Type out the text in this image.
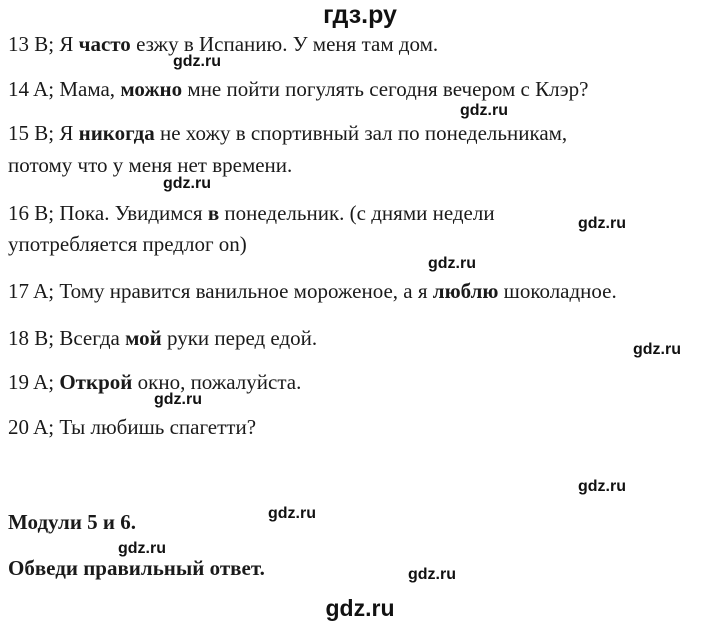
гдз.ру
13 B; Я часто езжу в Испанию. У меня там дом.
14 A; Мама, можно мне пойти погулять сегодня вечером с Клэр?
15 B; Я никогда не хожу в спортивный зал по понедельникам,
потому что у меня нет времени.
16 B; Пока. Увидимся в понедельник. (с днями недели
употребляется предлог on)
17 A; Тому нравится ванильное мороженое, а я люблю шоколадное.
18 B; Всегда мой руки перед едой.
19 A; Открой окно, пожалуйста.
20 A; Ты любишь спагетти?
Модули 5 и 6.
Обведи правильный ответ.
gdz.ru
gdz.ru
gdz.ru
gdz.ru
gdz.ru
gdz.ru
gdz.ru
gdz.ru
gdz.ru
gdz.ru
gdz.ru
gdz.ru
